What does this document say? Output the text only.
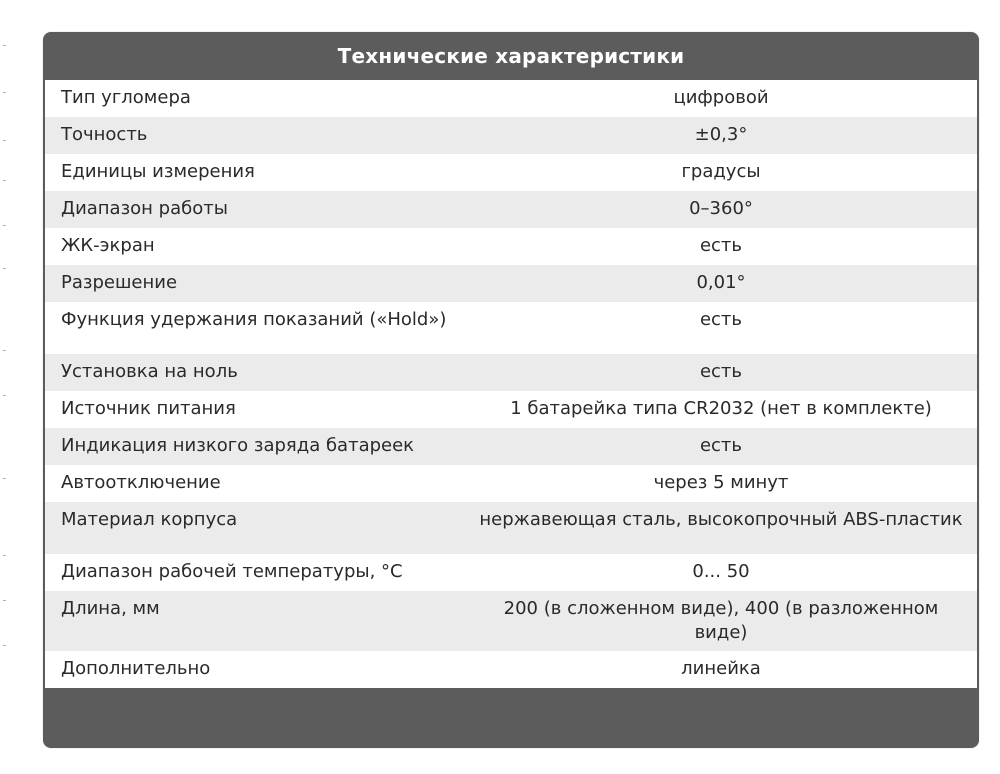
Технические характеристики
Тип угломера	цифровой
Точность	±0,3°
Единицы измерения	градусы
Диапазон работы	0–360°
ЖК-экран	есть
Разрешение	0,01°
Функция удержания показаний («Hold»)	есть
Установка на ноль	есть
Источник питания	1 батарейка типа CR2032 (нет в комплекте)
Индикация низкого заряда батареек	есть
Автоотключение	через 5 минут
Материал корпуса	нержавеющая сталь, высокопрочный ABS-пластик
Диапазон рабочей температуры, °C	0... 50
Длина, мм	200 (в сложенном виде), 400 (в разложенном виде)
Дополнительно	линейка
